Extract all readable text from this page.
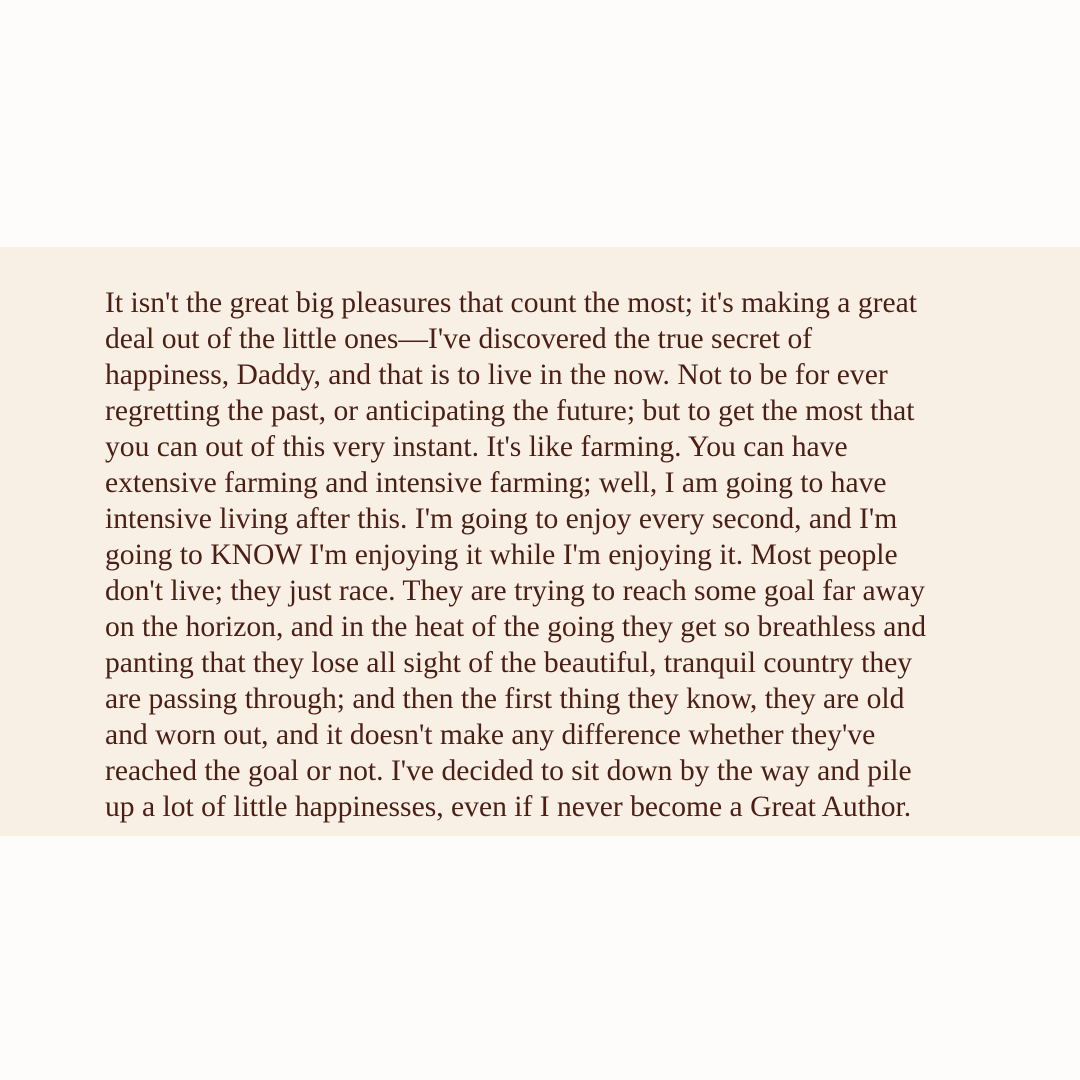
It isn't the great big pleasures that count the most; it's making a great
deal out of the little ones—I've discovered the true secret of
happiness, Daddy, and that is to live in the now. Not to be for ever
regretting the past, or anticipating the future; but to get the most that
you can out of this very instant. It's like farming. You can have
extensive farming and intensive farming; well, I am going to have
intensive living after this. I'm going to enjoy every second, and I'm
going to KNOW I'm enjoying it while I'm enjoying it. Most people
don't live; they just race. They are trying to reach some goal far away
on the horizon, and in the heat of the going they get so breathless and
panting that they lose all sight of the beautiful, tranquil country they
are passing through; and then the first thing they know, they are old
and worn out, and it doesn't make any difference whether they've
reached the goal or not. I've decided to sit down by the way and pile
up a lot of little happinesses, even if I never become a Great Author.
